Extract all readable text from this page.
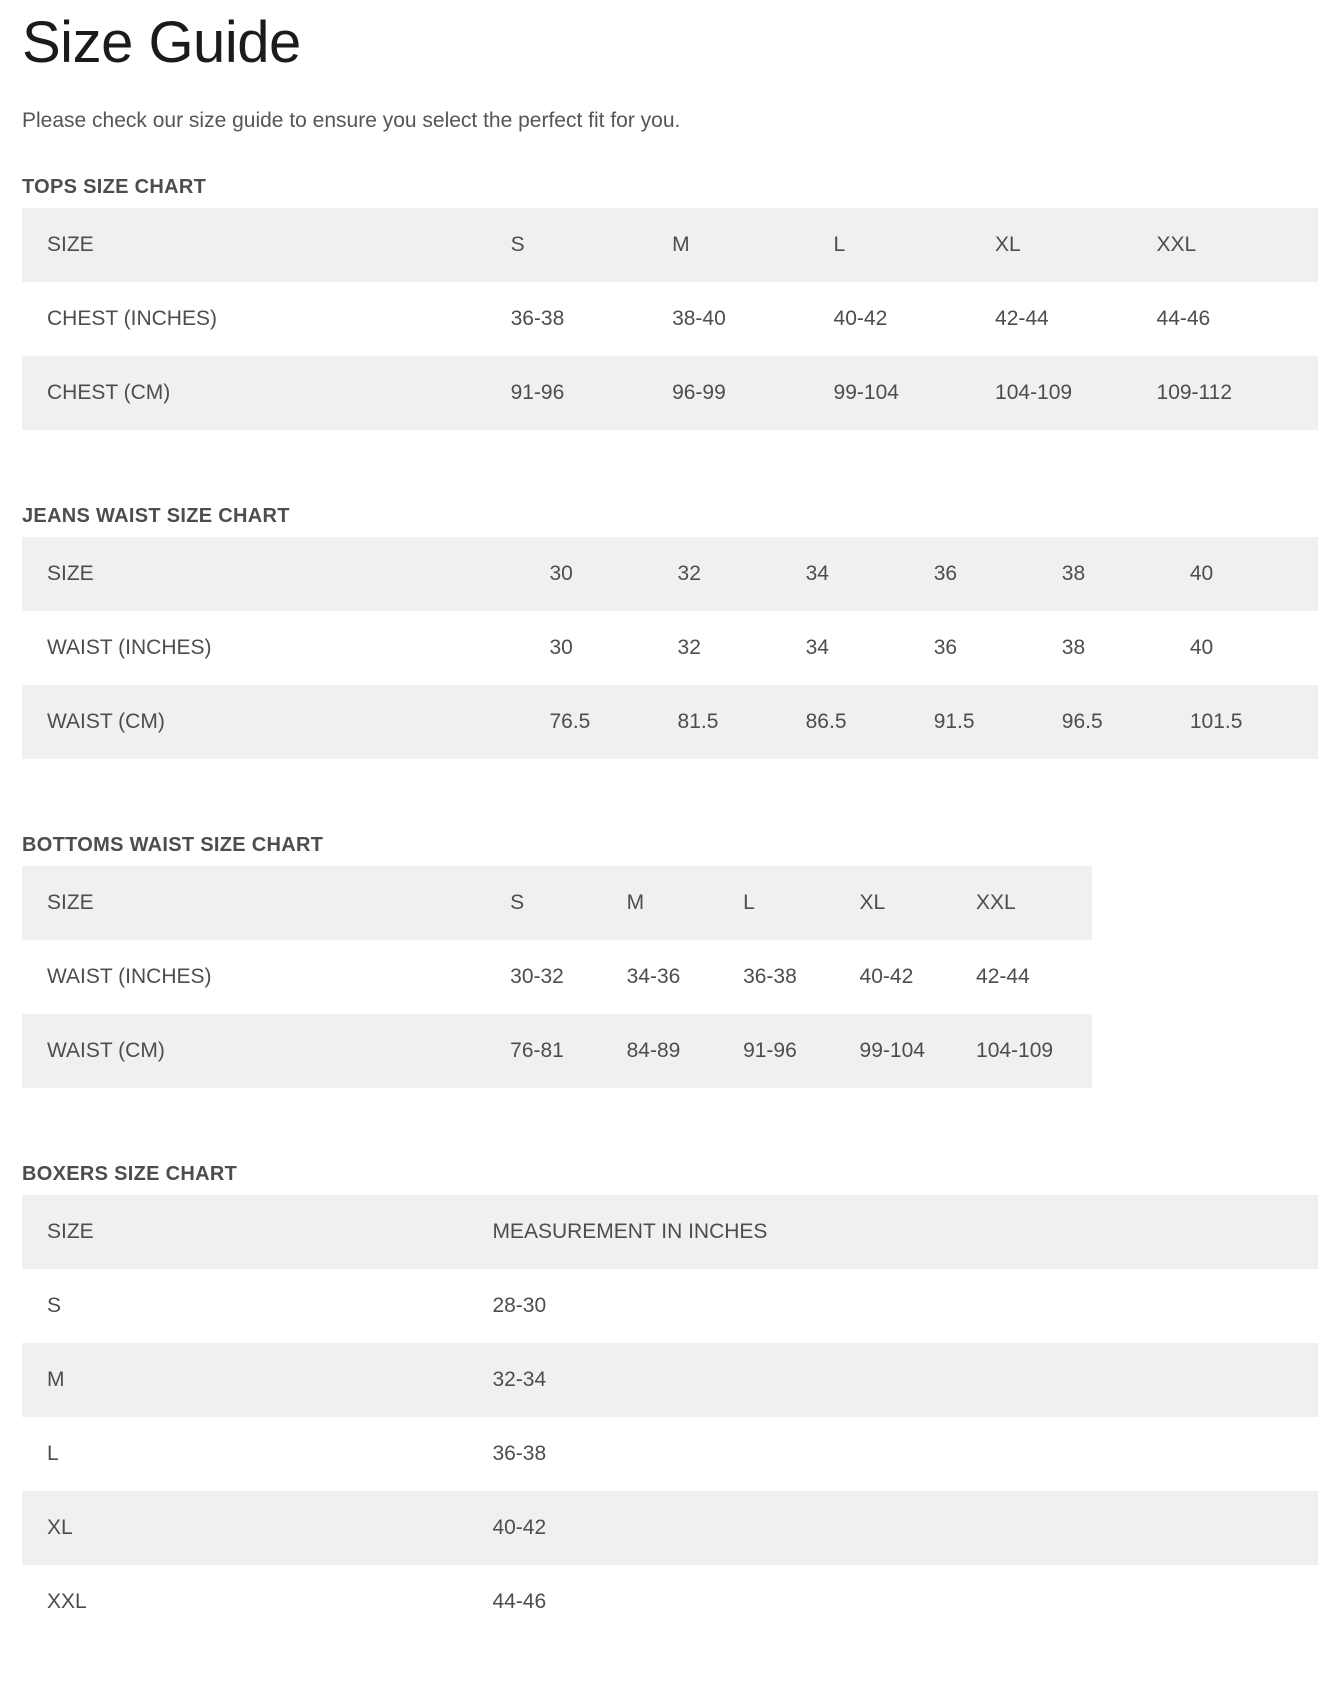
Size Guide

Please check our size guide to ensure you select the perfect fit for you.

TOPS SIZE CHART
SIZE	S	M	L	XL	XXL
CHEST (INCHES)	36-38	38-40	40-42	42-44	44-46
CHEST (CM)	91-96	96-99	99-104	104-109	109-112
JEANS WAIST SIZE CHART
SIZE	30	32	34	36	38	40
WAIST (INCHES)	30	32	34	36	38	40
WAIST (CM)	76.5	81.5	86.5	91.5	96.5	101.5
BOTTOMS WAIST SIZE CHART
SIZE	S	M	L	XL	XXL
WAIST (INCHES)	30-32	34-36	36-38	40-42	42-44
WAIST (CM)	76-81	84-89	91-96	99-104	104-109
BOXERS SIZE CHART
SIZE	MEASUREMENT IN INCHES
S	28-30
M	32-34
L	36-38
XL	40-42
XXL	44-46
